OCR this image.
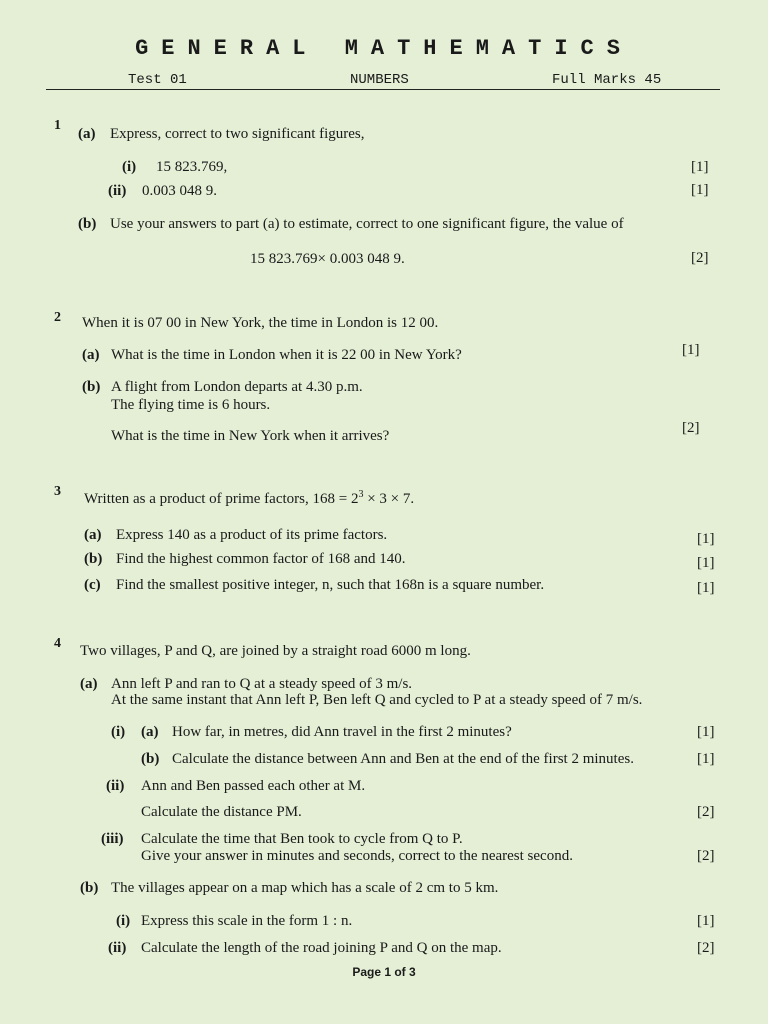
GENERAL MATHEMATICS
Test 01	NUMBERS	Full Marks 45
1
(a) Express, correct to two significant figures,
(i) 15 823.769,	[1]
(ii) 0.003 048 9.	[1]
(b) Use your answers to part (a) to estimate, correct to one significant figure, the value of
15 823.769× 0.003 048 9.	[2]
2 When it is 07 00 in New York, the time in London is 12 00.
(a) What is the time in London when it is 22 00 in New York?	[1]
(b) A flight from London departs at 4.30 p.m.
The flying time is 6 hours.
What is the time in New York when it arrives?	[2]
3 Written as a product of prime factors, $168 = 2^3 \times 3 \times 7$.
(a) Express 140 as a product of its prime factors.	[1]
(b) Find the highest common factor of 168 and 140.	[1]
(c) Find the smallest positive integer, n, such that 168n is a square number.	[1]
4 Two villages, P and Q, are joined by a straight road 6000 m long.
(a) Ann left P and ran to Q at a steady speed of 3 m/s.
At the same instant that Ann left P, Ben left Q and cycled to P at a steady speed of 7 m/s.
(i) (a) How far, in metres, did Ann travel in the first 2 minutes?	[1]
(b) Calculate the distance between Ann and Ben at the end of the first 2 minutes.	[1]
(ii) Ann and Ben passed each other at M.
Calculate the distance PM.	[2]
(iii) Calculate the time that Ben took to cycle from Q to P.
Give your answer in minutes and seconds, correct to the nearest second.	[2]
(b) The villages appear on a map which has a scale of 2 cm to 5 km.
(i) Express this scale in the form 1 : n.	[1]
(ii) Calculate the length of the road joining P and Q on the map.	[2]
Page 1 of 3
